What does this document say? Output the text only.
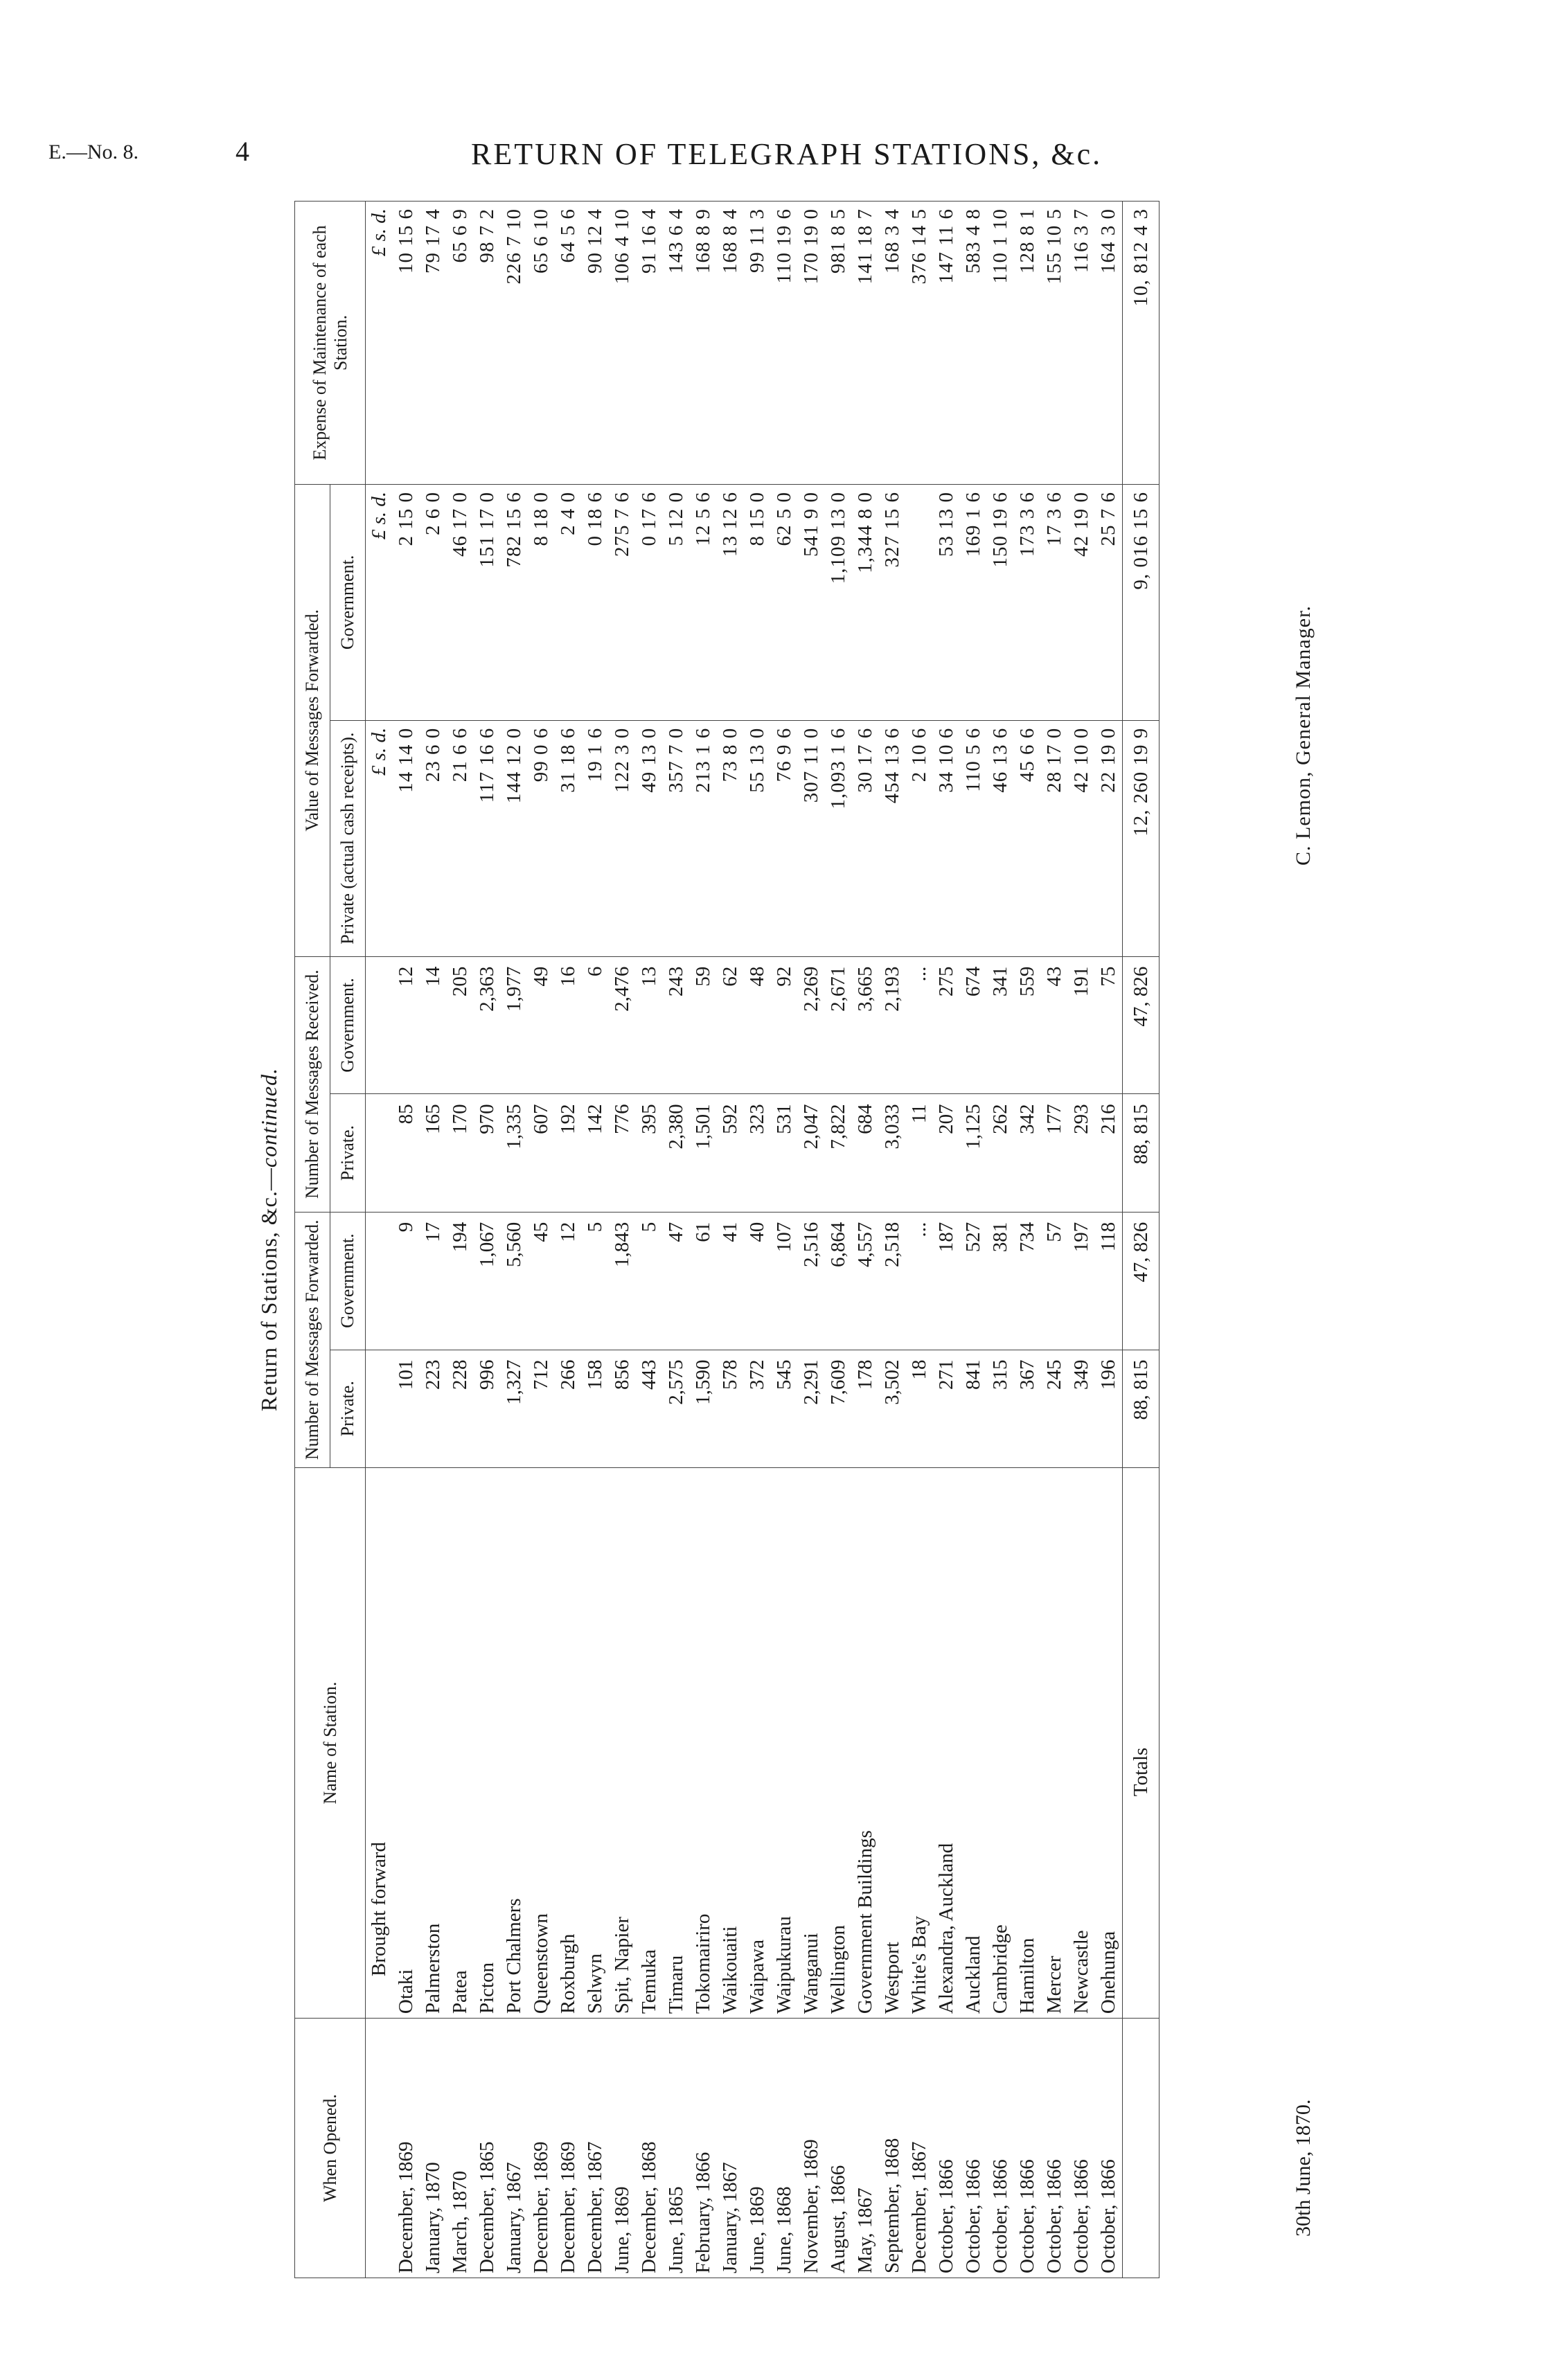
E.—No. 8.	4	RETURN OF TELEGRAPH STATIONS, &c.
Return of Stations, &c.—continued.
When Opened.	Name of Station.	Number of Messages Forwarded.		Number of Messages Received.		Value of Messages Forwarded.		Expense of Maintenance of each Station.
		Private.	Government.	Private.	Government.	Private (actual cash receipts).	Government.	
	Brought forward					£ s. d.	£ s. d.	£ s. d.
December, 1869	Otaki	101	9	85	12	14 14 0	2 15 0	10 15 6
January, 1870	Palmerston	223	17	165	14	23 6 0	2 6 0	79 17 4
March, 1870	Patea	228	194	170	205	21 6 6	46 17 0	65 6 9
December, 1865	Picton	996	1,067	970	2,363	117 16 6	151 17 0	98 7 2
January, 1867	Port Chalmers	1,327	5,560	1,335	1,977	144 12 0	782 15 6	226 7 10
December, 1869	Queenstown	712	45	607	49	99 0 6	8 18 0	65 6 10
December, 1869	Roxburgh	266	12	192	16	31 18 6	2 4 0	64 5 6
December, 1867	Selwyn	158	5	142	6	19 1 6	0 18 6	90 12 4
June, 1869	Spit, Napier	856	1,843	776	2,476	122 3 0	275 7 6	106 4 10
December, 1868	Temuka	443	5	395	13	49 13 0	0 17 6	91 16 4
June, 1865	Timaru	2,575	47	2,380	243	357 7 0	5 12 0	143 6 4
February, 1866	Tokomairiro	1,590	61	1,501	59	213 1 6	12 5 6	168 8 9
January, 1867	Waikouaiti	578	41	592	62	73 8 0	13 12 6	168 8 4
June, 1869	Waipawa	372	40	323	48	55 13 0	8 15 0	99 11 3
June, 1868	Waipukurau	545	107	531	92	76 9 6	62 5 0	110 19 6
November, 1869	Wanganui	2,291	2,516	2,047	2,269	307 11 0	541 9 0	170 19 0
August, 1866	Wellington	7,609	6,864	7,822	2,671	1,093 1 6	1,109 13 0	981 8 5
May, 1867	Government Buildings	178	4,557	684	3,665	30 17 6	1,344 8 0	141 18 7
September, 1868	Westport	3,502	2,518	3,033	2,193	454 13 6	327 15 6	168 3 4
December, 1867	White's Bay	18	...	11	...	2 10 6		376 14 5
October, 1866	Alexandra, Auckland	271	187	207	275	34 10 6	53 13 0	147 11 6
October, 1866	Auckland	841	527	1,125	674	110 5 6	169 1 6	583 4 8
October, 1866	Cambridge	315	381	262	341	46 13 6	150 19 6	110 1 10
October, 1866	Hamilton	367	734	342	559	45 6 6	173 3 6	128 8 1
October, 1866	Mercer	245	57	177	43	28 17 0	17 3 6	155 10 5
October, 1866	Newcastle	349	197	293	191	42 10 0	42 19 0	116 3 7
October, 1866	Onehunga	196	118	216	75	22 19 0	25 7 6	164 3 0
	Totals	88, 815	47, 826	88, 815	47, 826	12, 260 19 9	9, 016 15 6	10, 812 4 3
30th June, 1870.
C. Lemon, General Manager.
